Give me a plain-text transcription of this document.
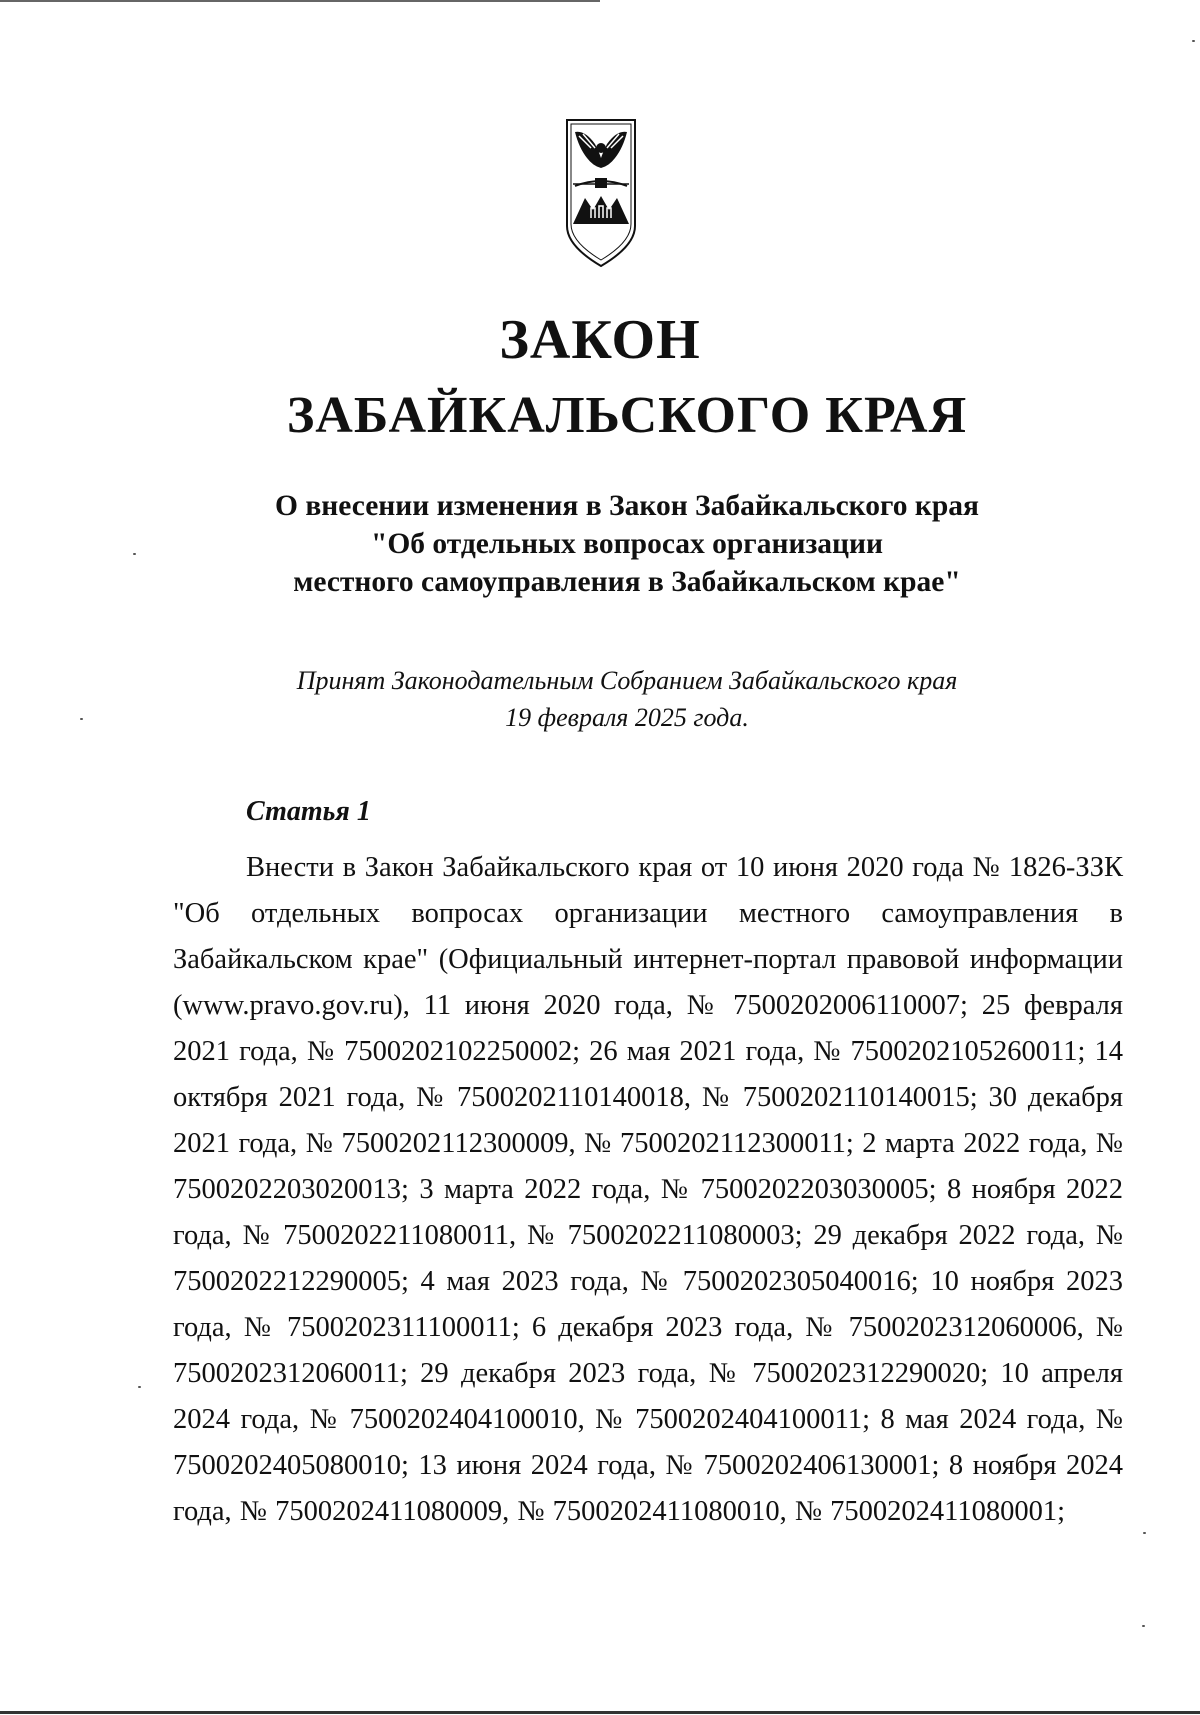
ЗАКОН
ЗАБАЙКАЛЬСКОГО КРАЯ
О внесении изменения в Закон Забайкальского края
"Об отдельных вопросах организации
местного самоуправления в Забайкальском крае"
Принят Законодательным Собранием Забайкальского края
19 февраля 2025 года.
Статья 1
Внести в Закон Забайкальского края от 10 июня 2020 года № 1826-ЗЗК "Об отдельных вопросах организации местного самоуправления в Забайкальском крае" (Официальный интернет-портал правовой информации (www.pravo.gov.ru), 11 июня 2020 года, № 7500202006110007; 25 февраля 2021 года, № 7500202102250002; 26 мая 2021 года, № 7500202105260011; 14 октября 2021 года, № 7500202110140018, № 7500202110140015; 30 декабря 2021 года, № 7500202112300009, № 7500202112300011; 2 марта 2022 года, № 7500202203020013; 3 марта 2022 года, № 7500202203030005; 8 ноября 2022 года, № 7500202211080011, № 7500202211080003; 29 декабря 2022 года, № 7500202212290005; 4 мая 2023 года, № 7500202305040016; 10 ноября 2023 года, № 7500202311100011; 6 декабря 2023 года, № 7500202312060006, № 7500202312060011; 29 декабря 2023 года, № 7500202312290020; 10 апреля 2024 года, № 7500202404100010, № 7500202404100011; 8 мая 2024 года, № 7500202405080010; 13 июня 2024 года, № 7500202406130001; 8 ноября 2024 года, № 7500202411080009, № 7500202411080010, № 7500202411080001;
